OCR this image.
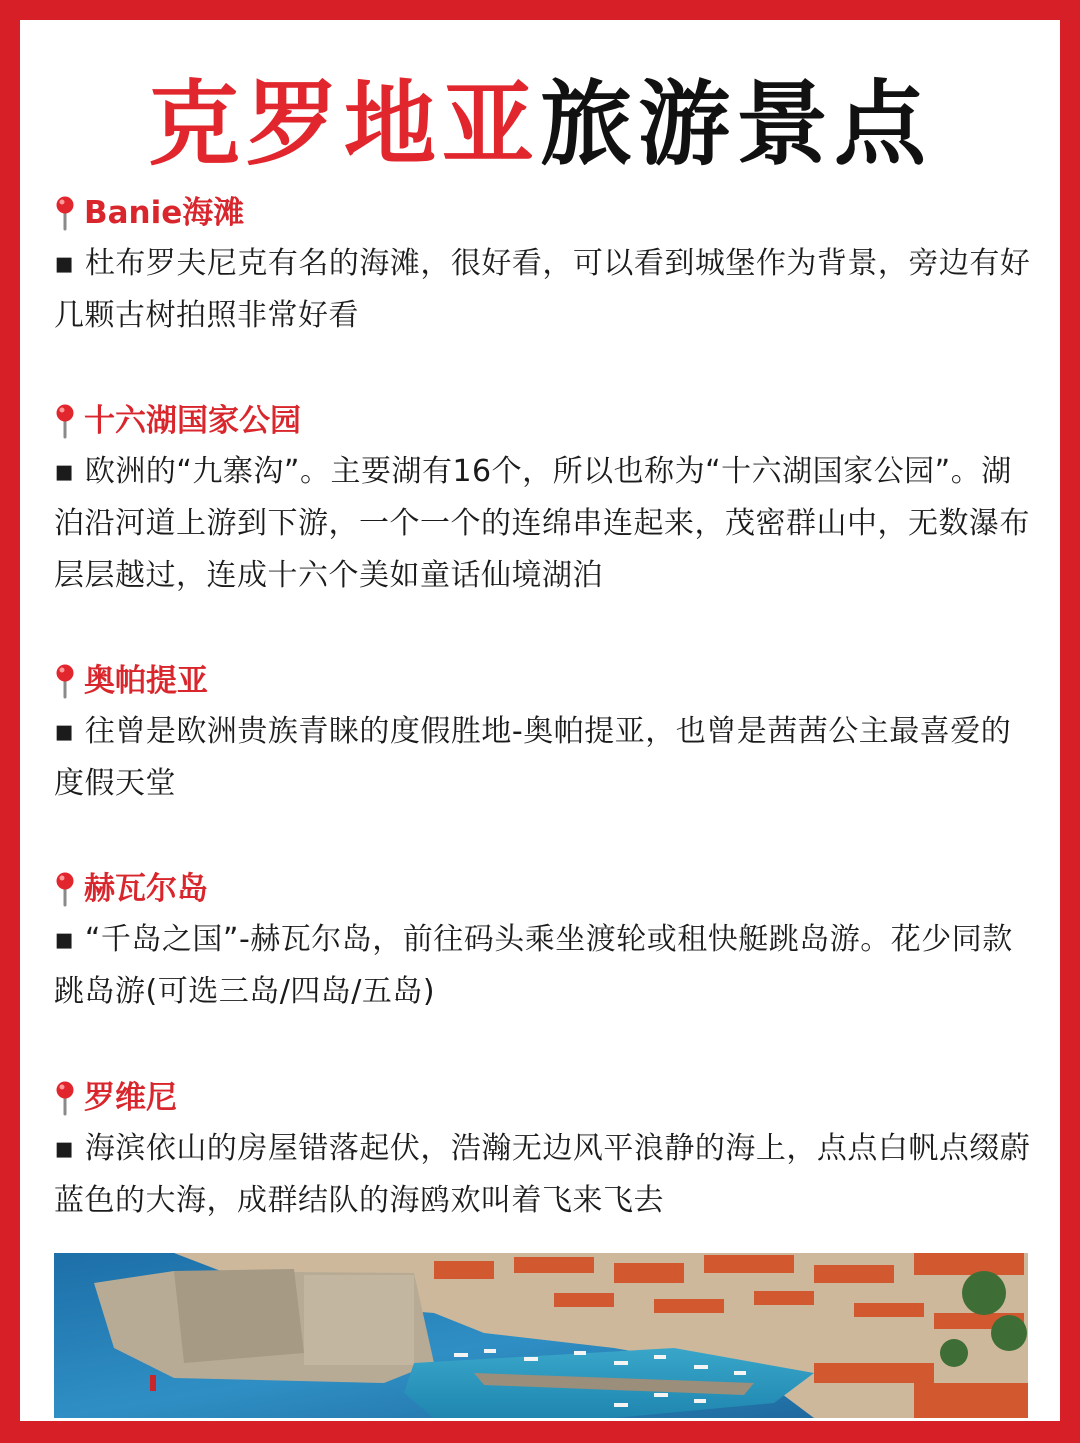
克罗地亚旅游景点
Banie海滩
▪ 杜布罗夫尼克有名的海滩，很好看，可以看到城堡作为背景，旁边有好几颗古树拍照非常好看
十六湖国家公园
▪ 欧洲的“九寨沟”。主要湖有16个，所以也称为“十六湖国家公园”。湖泊沿河道上游到下游，一个一个的连绵串连起来，茂密群山中，无数瀑布层层越过，连成十六个美如童话仙境湖泊
奥帕提亚
▪ 往曾是欧洲贵族青睐的度假胜地-奥帕提亚，也曾是茜茜公主最喜爱的度假天堂
赫瓦尔岛
▪ “千岛之国”-赫瓦尔岛，前往码头乘坐渡轮或租快艇跳岛游。花少同款跳岛游(可选三岛/四岛/五岛)
罗维尼
▪ 海滨依山的房屋错落起伏，浩瀚无边风平浪静的海上，点点白帆点缀蔚蓝色的大海，成群结队的海鸥欢叫着飞来飞去
